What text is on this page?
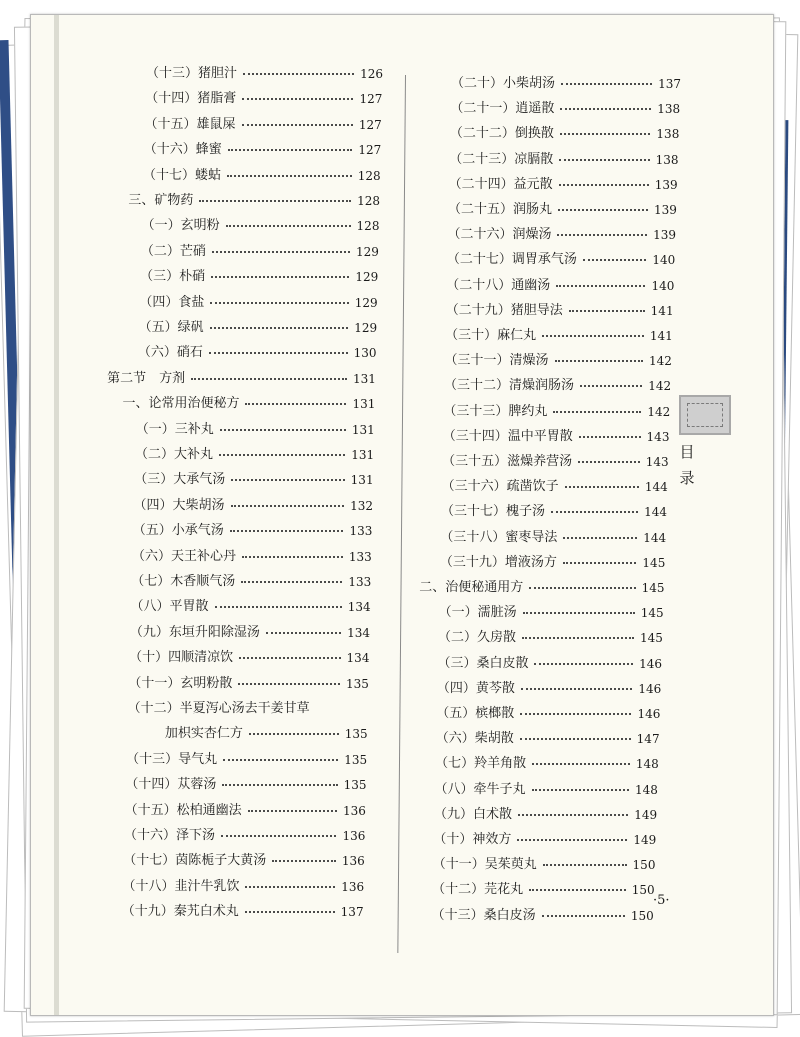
（十三）猪胆汁	126
（十四）猪脂膏	127
（十五）雄鼠屎	127
（十六）蜂蜜	127
（十七）蝼蛄	128
三、矿物药	128
（一）玄明粉	128
（二）芒硝	129
（三）朴硝	129
（四）食盐	129
（五）绿矾	129
（六）硝石	130
第二节　方剂	131
一、论常用治便秘方	131
（一）三补丸	131
（二）大补丸	131
（三）大承气汤	131
（四）大柴胡汤	132
（五）小承气汤	133
（六）天王补心丹	133
（七）木香顺气汤	133
（八）平胃散	134
（九）东垣升阳除湿汤	134
（十）四顺清凉饮	134
（十一）玄明粉散	135
（十二）半夏泻心汤去干姜甘草
加枳实杏仁方	135
（十三）导气丸	135
（十四）苁蓉汤	135
（十五）松柏通幽法	136
（十六）泽下汤	136
（十七）茵陈栀子大黄汤	136
（十八）韭汁牛乳饮	136
（十九）秦艽白术丸	137
（二十）小柴胡汤	137
（二十一）逍遥散	138
（二十二）倒换散	138
（二十三）凉膈散	138
（二十四）益元散	139
（二十五）润肠丸	139
（二十六）润燥汤	139
（二十七）调胃承气汤	140
（二十八）通幽汤	140
（二十九）猪胆导法	141
（三十）麻仁丸	141
（三十一）清燥汤	142
（三十二）清燥润肠汤	142
（三十三）脾约丸	142
（三十四）温中平胃散	143
（三十五）滋燥养营汤	143
（三十六）疏凿饮子	144
（三十七）槐子汤	144
（三十八）蜜枣导法	144
（三十九）增液汤方	145
二、治便秘通用方	145
（一）濡脏汤	145
（二）久房散	145
（三）桑白皮散	146
（四）黄芩散	146
（五）槟榔散	146
（六）柴胡散	147
（七）羚羊角散	148
（八）牵牛子丸	148
（九）白术散	149
（十）神效方	149
（十一）吴茱萸丸	150
（十二）芫花丸	150
（十三）桑白皮汤	150
目录
·5·
